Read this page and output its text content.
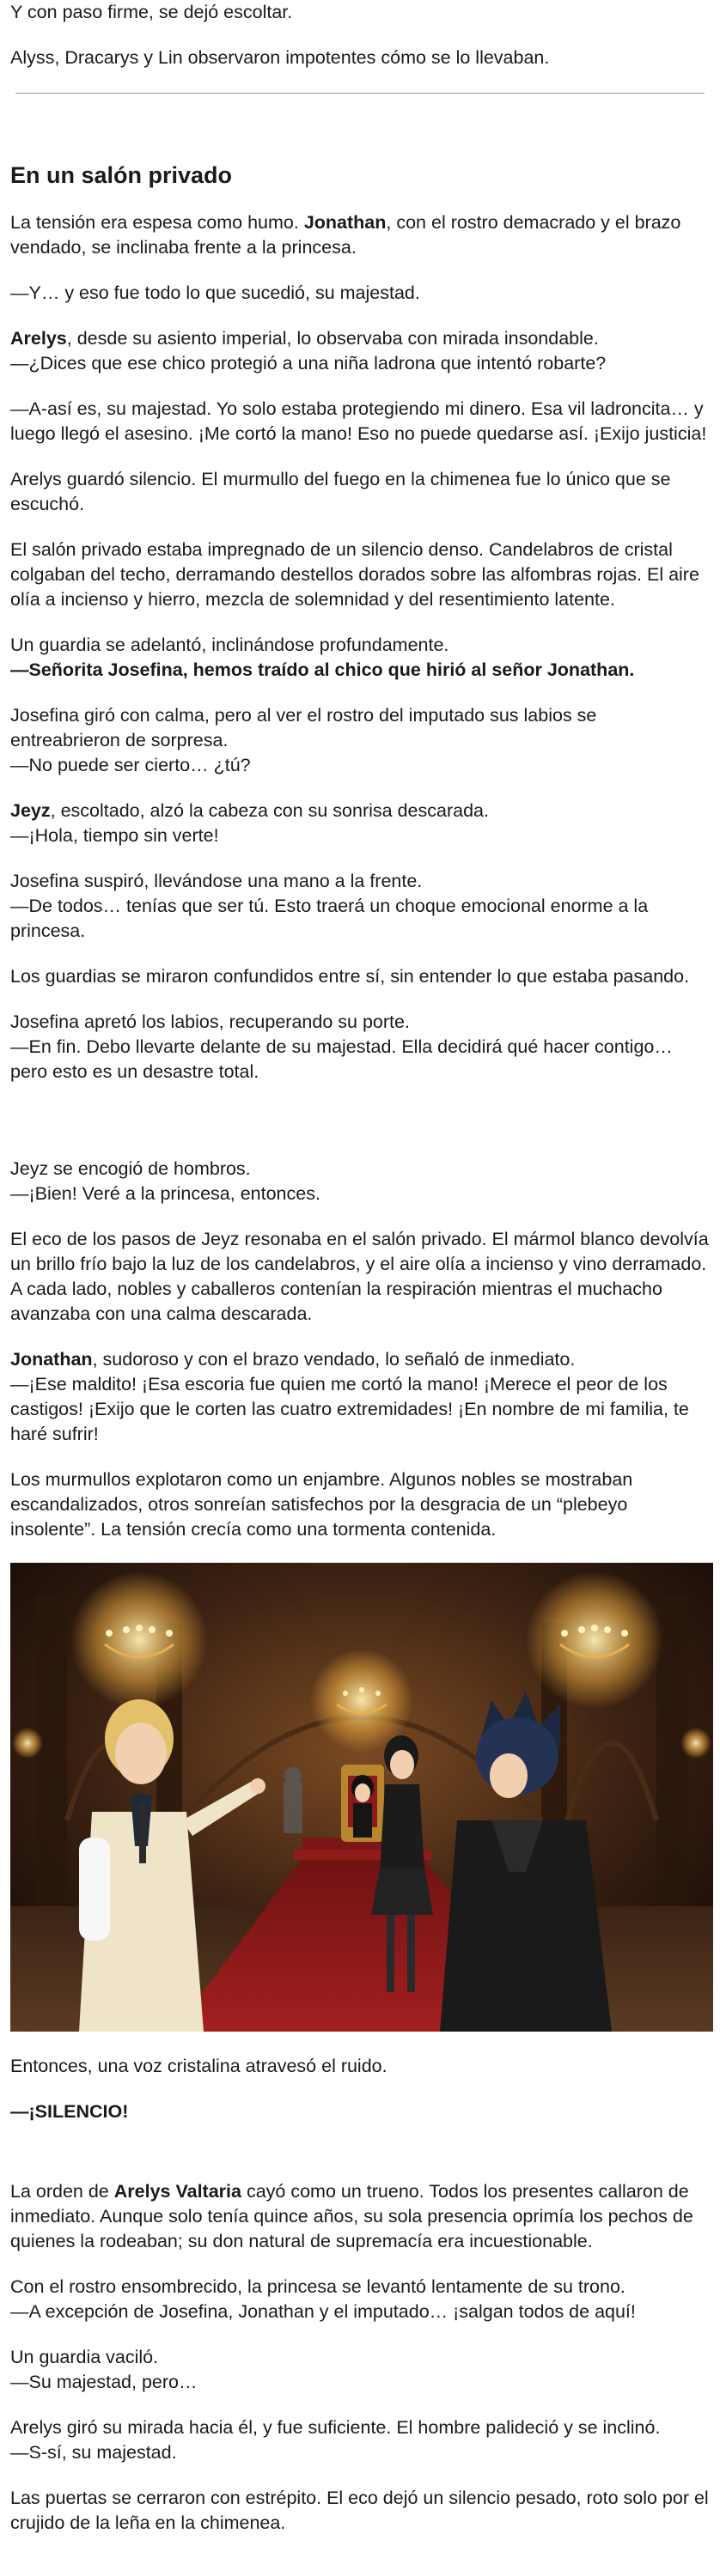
Y con paso firme, se dejó escoltar.

Alyss, Dracarys y Lin observaron impotentes cómo se lo llevaban.

En un salón privado

La tensión era espesa como humo. Jonathan, con el rostro demacrado y el brazo vendado, se inclinaba frente a la princesa.

—Y… y eso fue todo lo que sucedió, su majestad.

Arelys, desde su asiento imperial, lo observaba con mirada insondable.
—¿Dices que ese chico protegió a una niña ladrona que intentó robarte?

—A-así es, su majestad. Yo solo estaba protegiendo mi dinero. Esa vil ladroncita… y luego llegó el asesino. ¡Me cortó la mano! Eso no puede quedarse así. ¡Exijo justicia!

Arelys guardó silencio. El murmullo del fuego en la chimenea fue lo único que se escuchó.

El salón privado estaba impregnado de un silencio denso. Candelabros de cristal colgaban del techo, derramando destellos dorados sobre las alfombras rojas. El aire olía a incienso y hierro, mezcla de solemnidad y del resentimiento latente.

Un guardia se adelantó, inclinándose profundamente.
—Señorita Josefina, hemos traído al chico que hirió al señor Jonathan.

Josefina giró con calma, pero al ver el rostro del imputado sus labios se entreabrieron de sorpresa.
—No puede ser cierto… ¿tú?

Jeyz, escoltado, alzó la cabeza con su sonrisa descarada.
—¡Hola, tiempo sin verte!

Josefina suspiró, llevándose una mano a la frente.
—De todos… tenías que ser tú. Esto traerá un choque emocional enorme a la princesa.

Los guardias se miraron confundidos entre sí, sin entender lo que estaba pasando.

Josefina apretó los labios, recuperando su porte.
—En fin. Debo llevarte delante de su majestad. Ella decidirá qué hacer contigo… pero esto es un desastre total.

Jeyz se encogió de hombros.
—¡Bien! Veré a la princesa, entonces.

El eco de los pasos de Jeyz resonaba en el salón privado. El mármol blanco devolvía un brillo frío bajo la luz de los candelabros, y el aire olía a incienso y vino derramado. A cada lado, nobles y caballeros contenían la respiración mientras el muchacho avanzaba con una calma descarada.

Jonathan, sudoroso y con el brazo vendado, lo señaló de inmediato.
—¡Ese maldito! ¡Esa escoria fue quien me cortó la mano! ¡Merece el peor de los castigos! ¡Exijo que le corten las cuatro extremidades! ¡En nombre de mi familia, te haré sufrir!

Los murmullos explotaron como un enjambre. Algunos nobles se mostraban escandalizados, otros sonreían satisfechos por la desgracia de un “plebeyo insolente”. La tensión crecía como una tormenta contenida.

Entonces, una voz cristalina atravesó el ruido.

—¡SILENCIO!

La orden de Arelys Valtaria cayó como un trueno. Todos los presentes callaron de inmediato. Aunque solo tenía quince años, su sola presencia oprimía los pechos de quienes la rodeaban; su don natural de supremacía era incuestionable.

Con el rostro ensombrecido, la princesa se levantó lentamente de su trono.
—A excepción de Josefina, Jonathan y el imputado… ¡salgan todos de aquí!

Un guardia vaciló.
—Su majestad, pero…

Arelys giró su mirada hacia él, y fue suficiente. El hombre palideció y se inclinó.
—S-sí, su majestad.

Las puertas se cerraron con estrépito. El eco dejó un silencio pesado, roto solo por el crujido de la leña en la chimenea.
